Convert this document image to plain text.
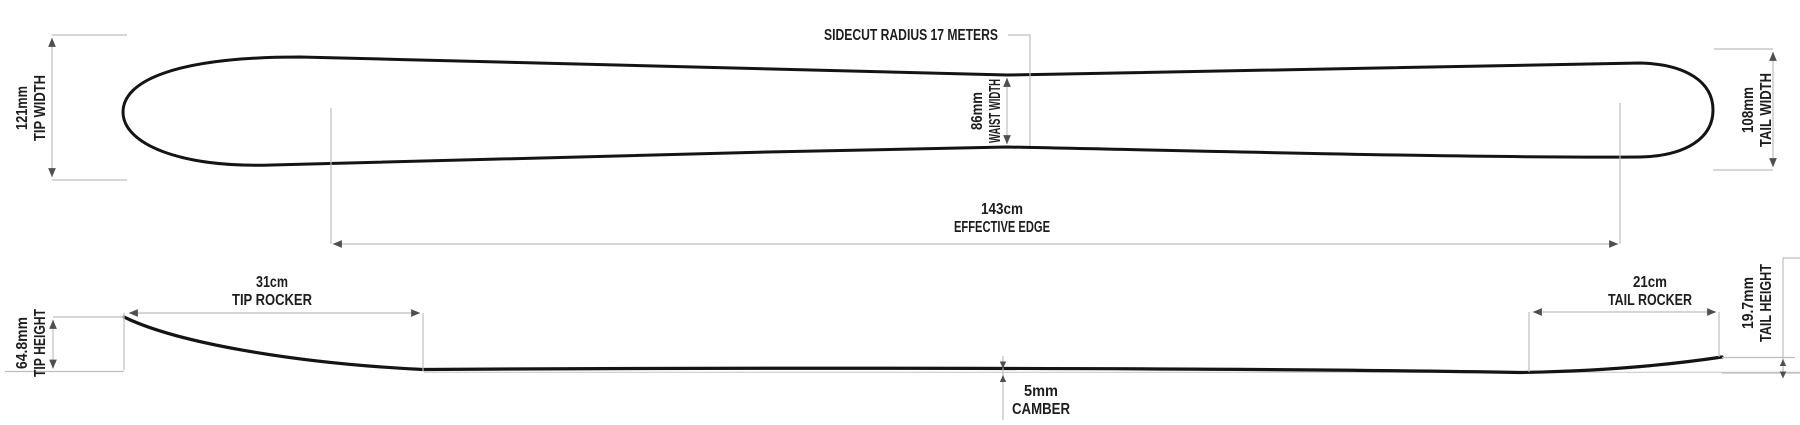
121mm TIP WIDTH	108mm TAIL WIDTH
86mm WAIST WIDTH
SIDECUT RADIUS 17 METERS
143cm
EFFECTIVE EDGE
64.8mm TIP HEIGHT
31cm
TIP ROCKER
21cm
TAIL ROCKER	19.7mm TAIL HEIGHT
5mm
CAMBER
